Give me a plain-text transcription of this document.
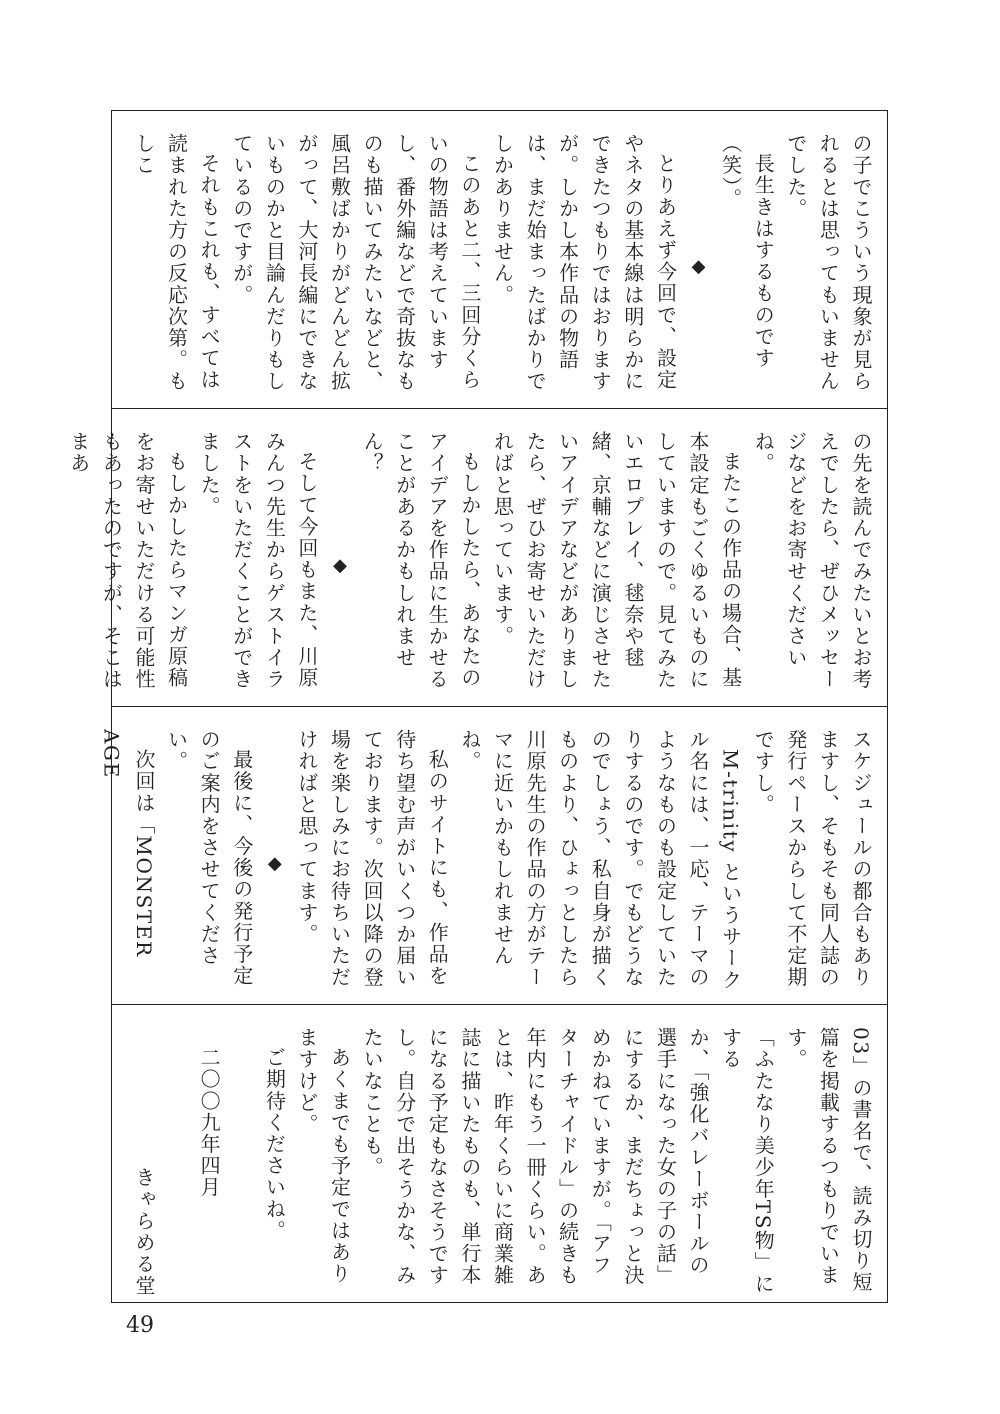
の子でこういう現象が見られるとは思ってもいませんでした。

長生きはするものです（笑）。

◆

とりあえず今回で、設定やネタの基本線は明らかにできたつもりではおりますが。しかし本作品の物語は、まだ始まったばかりでしかありません。

このあと二、三回分くらいの物語は考えていますし、番外編などで奇抜なものも描いてみたいなどと、風呂敷ばかりがどんどん拡がって、大河長編にできないものかと目論んだりもしているのですが。

それもこれも、すべては読まれた方の反応次第。もしこ

の先を読んでみたいとお考えでしたら、ぜひメッセージなどをお寄せくださいね。

またこの作品の場合、基本設定もごくゆるいものにしていますので。見てみたいエロプレイ、毬奈や毬緒、京輔などに演じさせたいアイデアなどがありましたら、ぜひお寄せいただければと思っています。

もしかしたら、あなたのアイデアを作品に生かせることがあるかもしれません？

◆

そして今回もまた、川原みんつ先生からゲストイラストをいただくことができました。

もしかしたらマンガ原稿をお寄せいただける可能性もあったのですが、そこはまあ

スケジュールの都合もありますし、そもそも同人誌の発行ペースからして不定期ですし。

M-trinity というサークル名には、一応、テーマのようなものも設定していたりするのです。でもどうなのでしょう、私自身が描くものより、ひょっとしたら川原先生の作品の方がテーマに近いかもしれませんね。

私のサイトにも、作品を待ち望む声がいくつか届いております。次回以降の登場を楽しみにお待ちいただければと思ってます。

◆

最後に、今後の発行予定のご案内をさせてください。

次回は「MONSTER AGE

03」の書名で、読み切り短篇を掲載するつもりでいます。

「ふたなり美少年TS物」にする

か、「強化バレーボールの選手になった女の子の話」にするか、まだちょっと決めかねていますが。「アフターチャイドル」の続きも年内にもう一冊くらい。あとは、昨年くらいに商業雑誌に描いたものも、単行本になる予定もなさそうですし。自分で出そうかな、みたいなことも。

あくまでも予定ではありますけど。

ご期待くださいね。

二〇〇九年四月

きゃらめる堂

49
